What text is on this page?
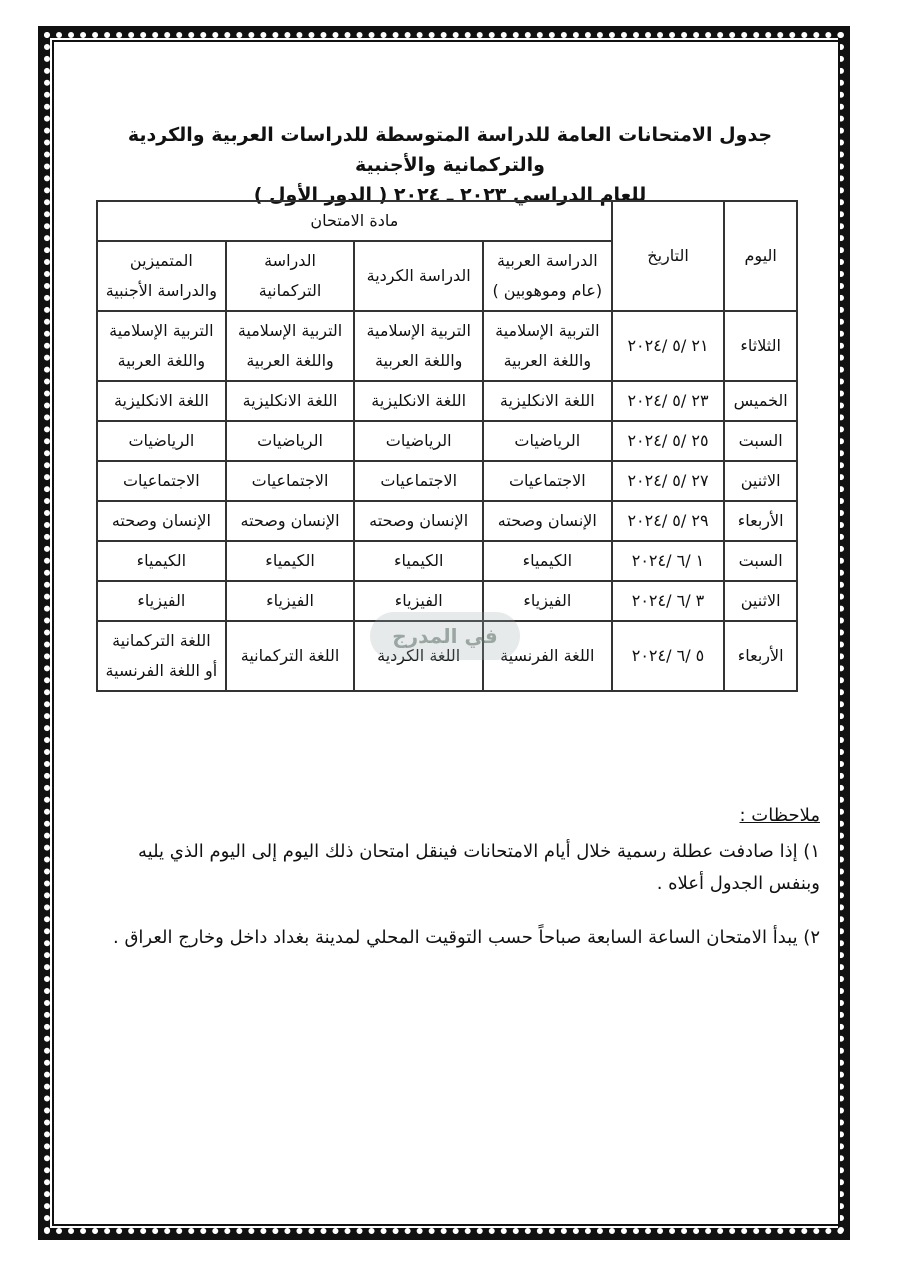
جدول الامتحانات العامة للدراسة المتوسطة للدراسات العربية والكردية والتركمانية والأجنبية
للعام الدراسي ٢٠٢٣ ـ ٢٠٢٤ ( الدور الأول )
اليوم	التاريخ	مادة الامتحان			
		الدراسة العربية (عام وموهوبين )	الدراسة الكردية	الدراسة التركمانية	المتميزين والدراسة الأجنبية
الثلاثاء	٢١ /٥ /٢٠٢٤	التربية الإسلامية واللغة العربية	التربية الإسلامية واللغة العربية	التربية الإسلامية واللغة العربية	التربية الإسلامية واللغة العربية
الخميس	٢٣ /٥ /٢٠٢٤	اللغة الانكليزية	اللغة الانكليزية	اللغة الانكليزية	اللغة الانكليزية
السبت	٢٥ /٥ /٢٠٢٤	الرياضيات	الرياضيات	الرياضيات	الرياضيات
الاثنين	٢٧ /٥ /٢٠٢٤	الاجتماعيات	الاجتماعيات	الاجتماعيات	الاجتماعيات
الأربعاء	٢٩ /٥ /٢٠٢٤	الإنسان وصحته	الإنسان وصحته	الإنسان وصحته	الإنسان وصحته
السبت	١ /٦ /٢٠٢٤	الكيمياء	الكيمياء	الكيمياء	الكيمياء
الاثنين	٣ /٦ /٢٠٢٤	الفيزياء	الفيزياء	الفيزياء	الفيزياء
الأربعاء	٥ /٦ /٢٠٢٤	اللغة الفرنسية	اللغة الكردية	اللغة التركمانية	اللغة التركمانية أو اللغة الفرنسية
في المدرج
ملاحظات :
١) إذا صادفت عطلة رسمية خلال أيام الامتحانات فينقل امتحان ذلك اليوم إلى اليوم الذي يليه وبنفس الجدول أعلاه .
٢) يبدأ الامتحان الساعة السابعة صباحاً حسب التوقيت المحلي لمدينة بغداد داخل وخارج العراق .
